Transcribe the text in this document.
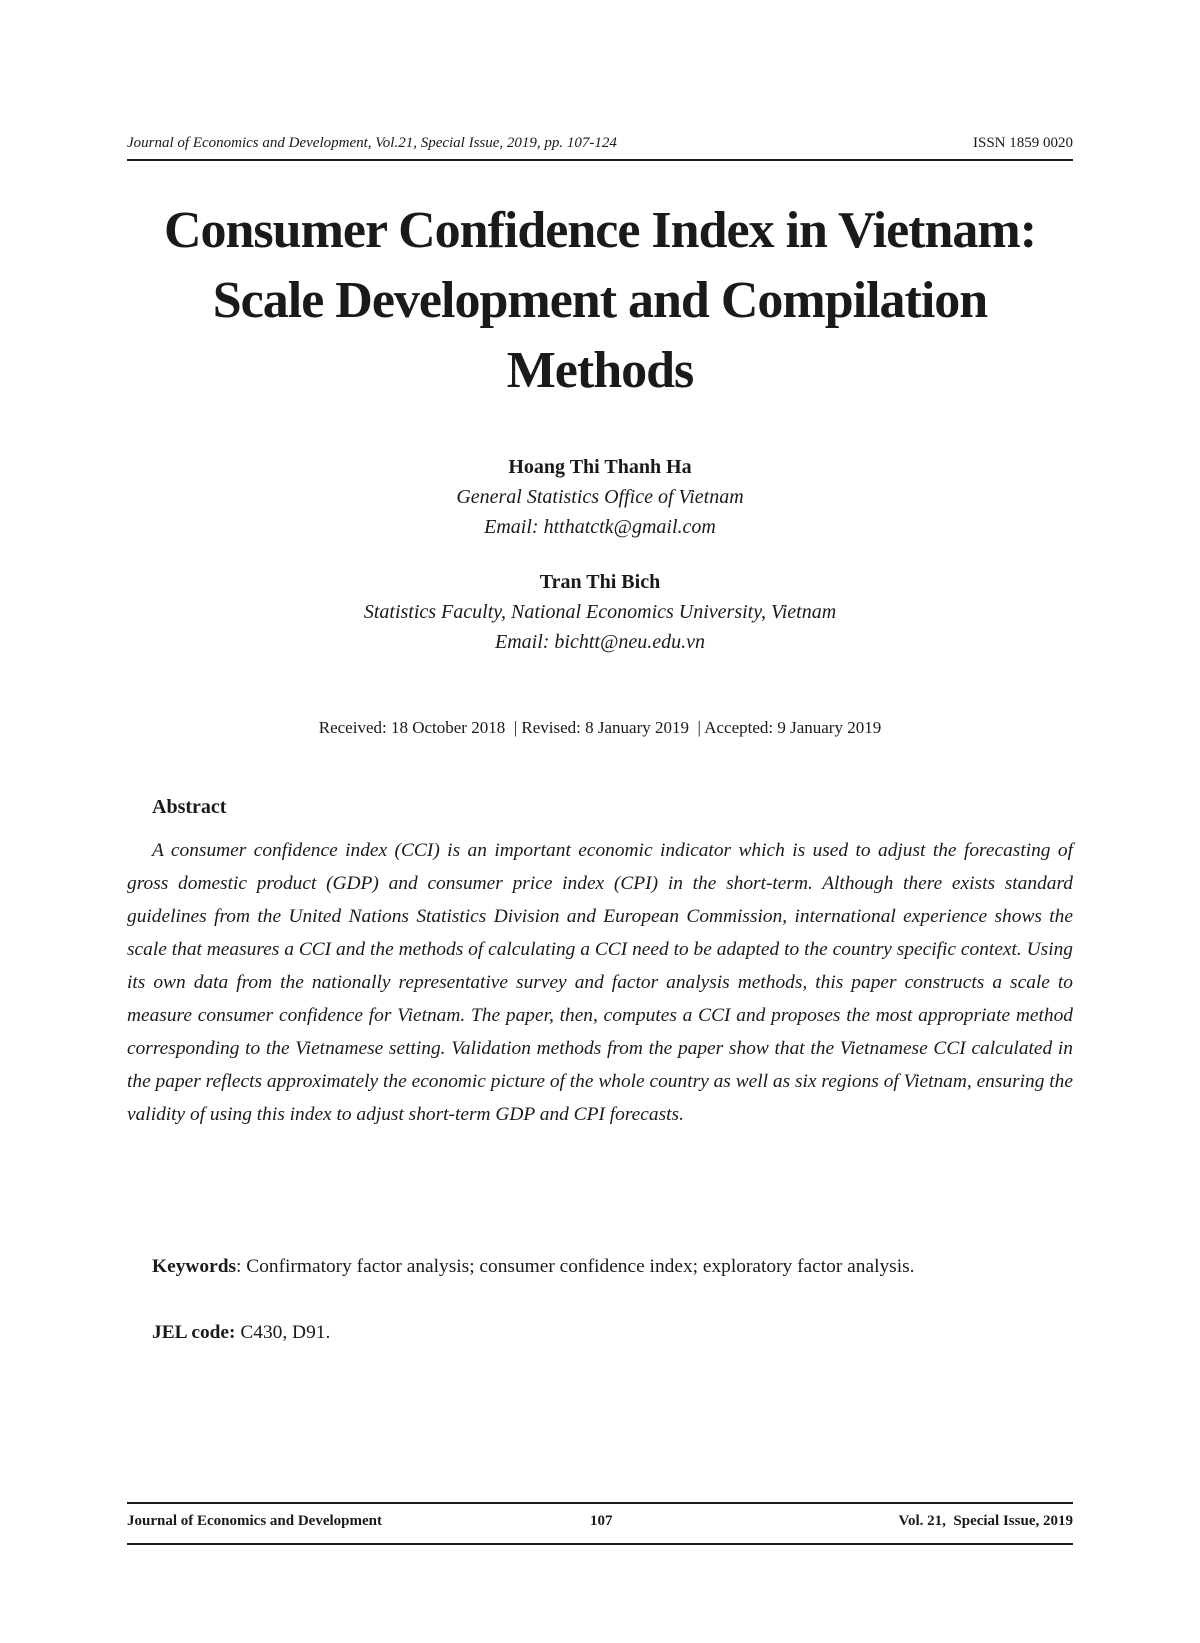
Journal of Economics and Development, Vol.21, Special Issue, 2019, pp. 107-124	ISSN 1859 0020
Consumer Confidence Index in Vietnam:
Scale Development and Compilation
Methods
Hoang Thi Thanh Ha
General Statistics Office of Vietnam
Email: htthatctk@gmail.com
Tran Thi Bich
Statistics Faculty, National Economics University, Vietnam
Email: bichtt@neu.edu.vn
Received: 18 October 2018  | Revised: 8 January 2019  | Accepted: 9 January 2019
Abstract

A consumer confidence index (CCI) is an important economic indicator which is used to adjust the forecasting of gross domestic product (GDP) and consumer price index (CPI) in the short-term. Although there exists standard guidelines from the United Nations Statistics Division and European Commission, international experience shows the scale that measures a CCI and the methods of calculating a CCI need to be adapted to the country specific context. Using its own data from the nationally representative survey and factor analysis methods, this paper constructs a scale to measure consumer confidence for Vietnam. The paper, then, computes a CCI and proposes the most appropriate method corresponding to the Vietnamese setting. Validation methods from the paper show that the Vietnamese CCI calculated in the paper reflects approximately the economic picture of the whole country as well as six regions of Vietnam, ensuring the validity of using this index to adjust short-term GDP and CPI forecasts.

Keywords: Confirmatory factor analysis; consumer confidence index; exploratory factor analysis.

JEL code: C430, D91.
Journal of Economics and Development	107	Vol. 21,  Special Issue, 2019
